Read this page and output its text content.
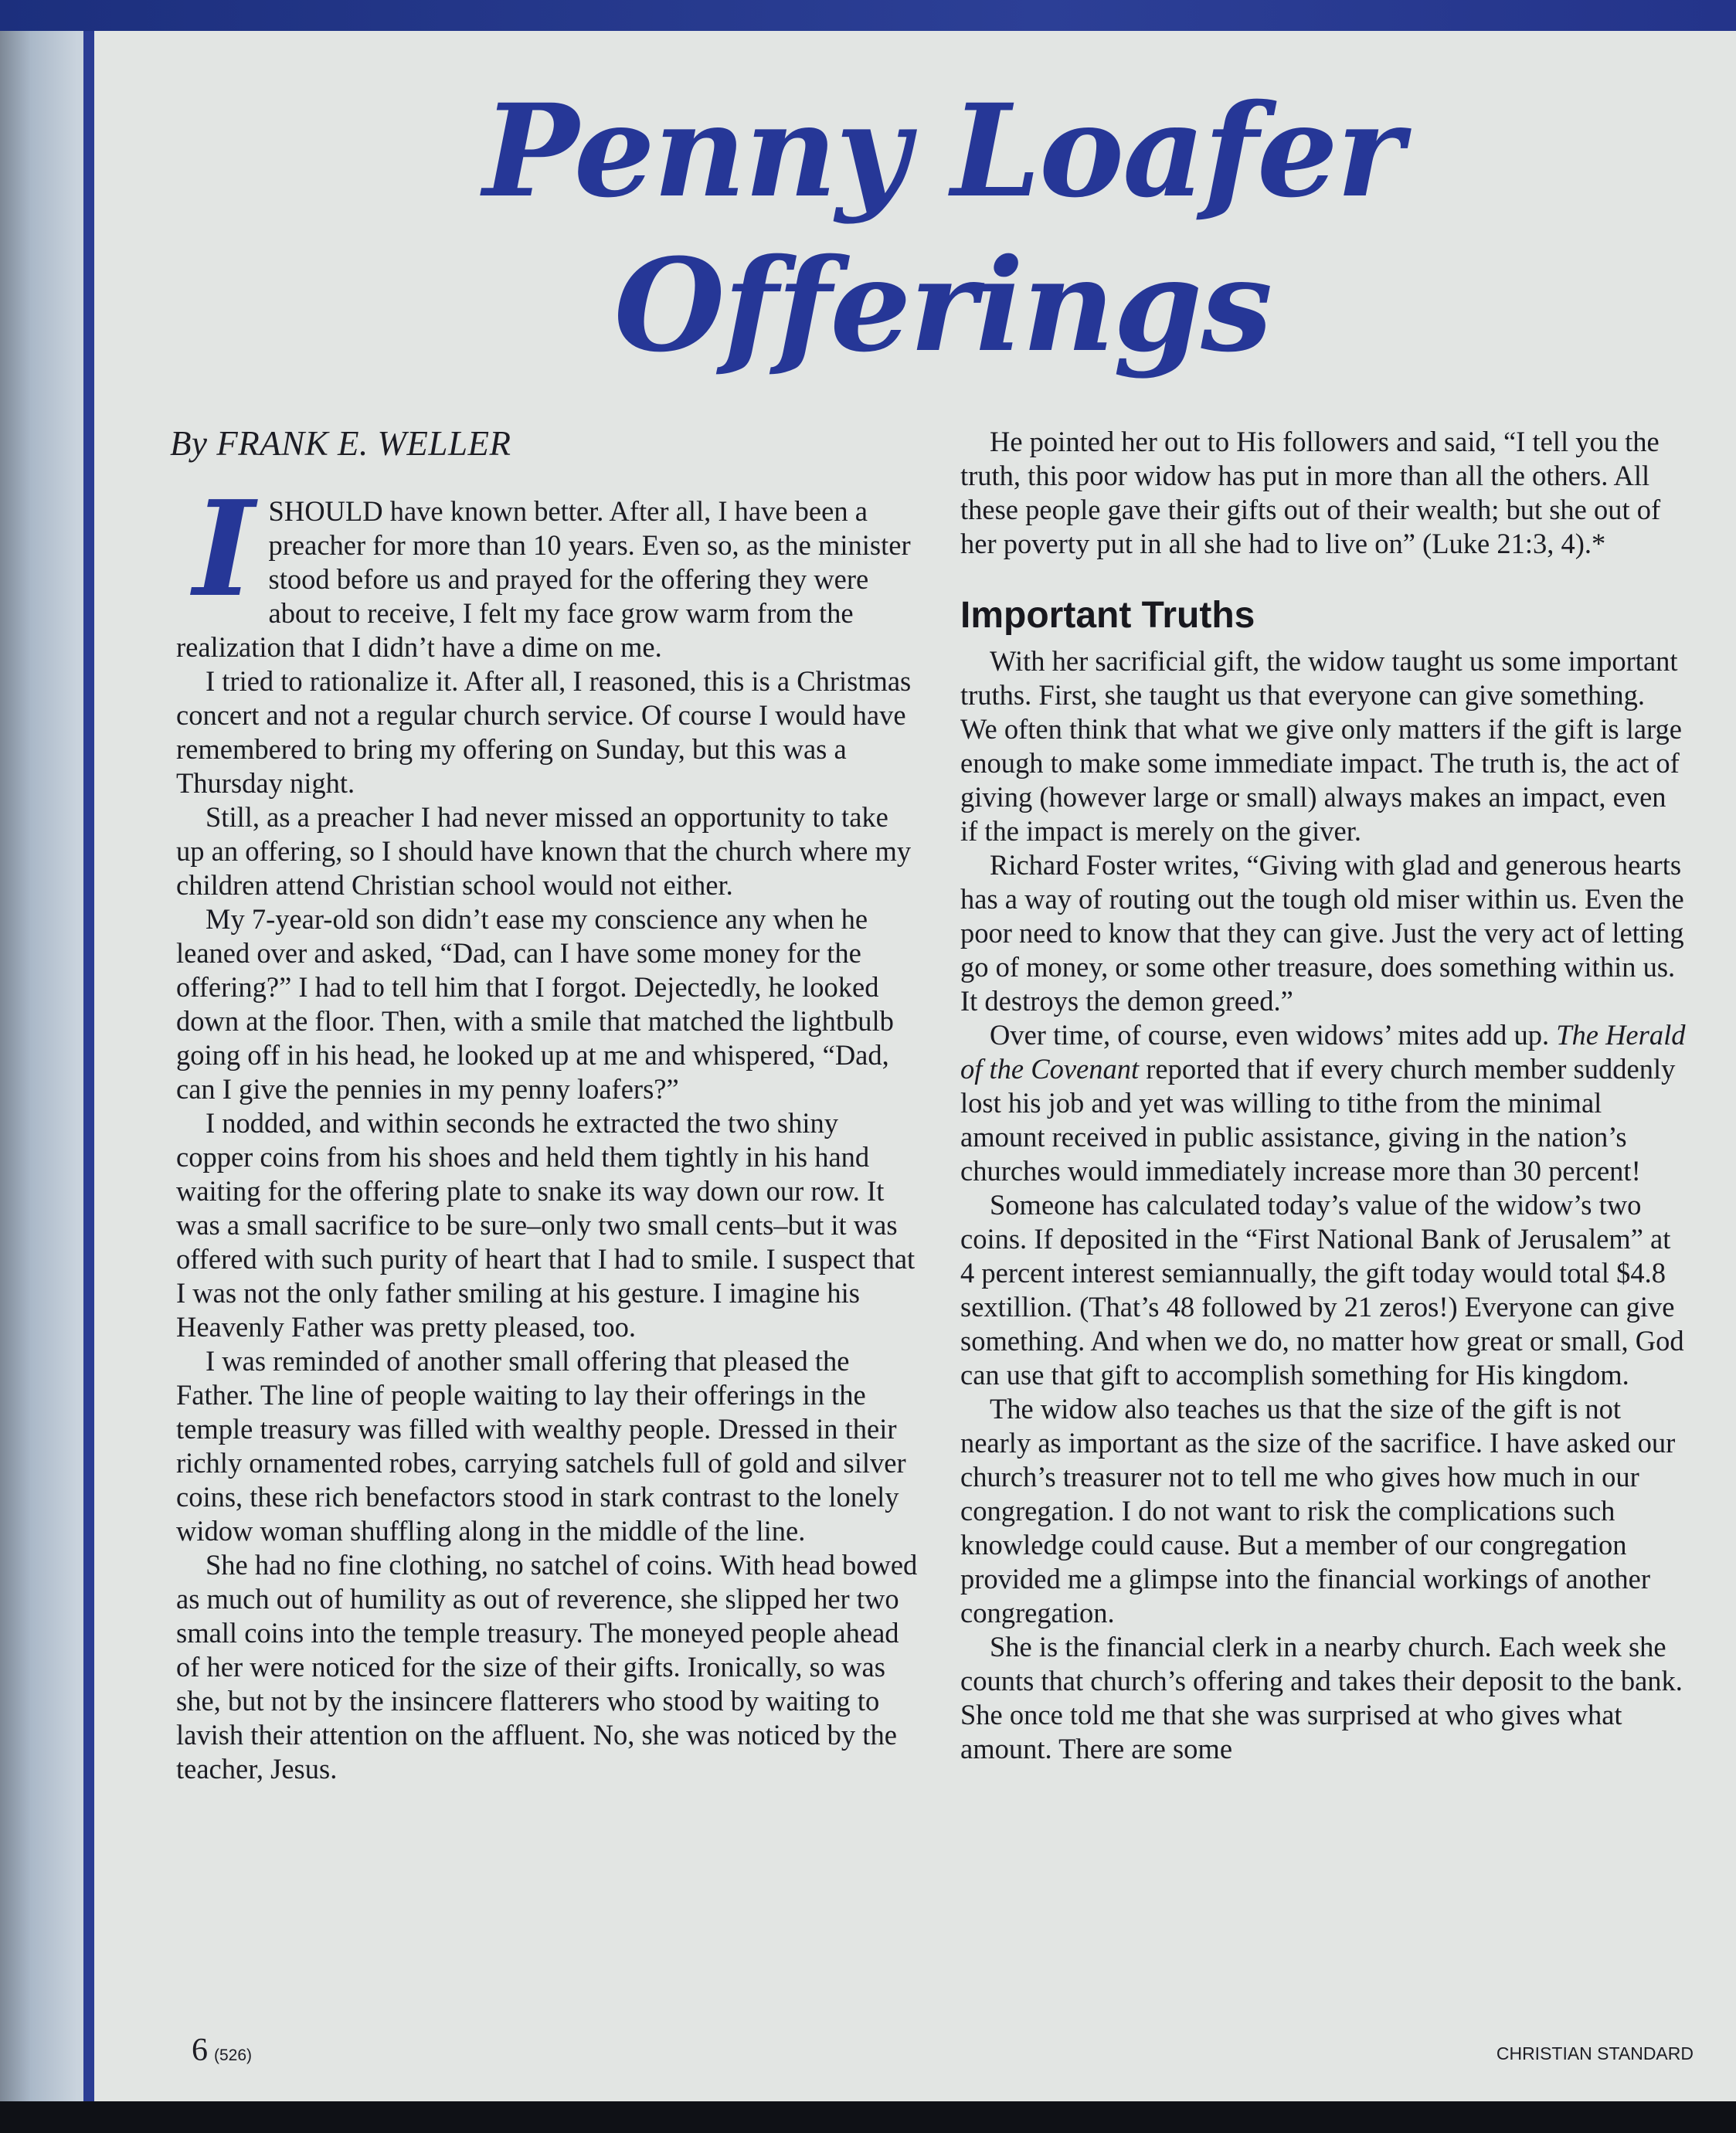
Penny Loafer
Offerings
By FRANK E. WELLER

ISHOULD have known better. After all, I have been a preacher for more than 10 years. Even so, as the minister stood before us and prayed for the offering they were about to receive, I felt my face grow warm from the realization that I didn’t have a dime on me.

I tried to rationalize it. After all, I reasoned, this is a Christmas concert and not a regular church service. Of course I would have remembered to bring my offering on Sunday, but this was a Thursday night.

Still, as a preacher I had never missed an opportunity to take up an offering, so I should have known that the church where my children attend Christian school would not either.

My 7-year-old son didn’t ease my conscience any when he leaned over and asked, “Dad, can I have some money for the offering?” I had to tell him that I forgot. Dejectedly, he looked down at the floor. Then, with a smile that matched the lightbulb going off in his head, he looked up at me and whispered, “Dad, can I give the pennies in my penny loafers?”

I nodded, and within seconds he extracted the two shiny copper coins from his shoes and held them tightly in his hand waiting for the offering plate to snake its way down our row. It was a small sacrifice to be sure–only two small cents–but it was offered with such purity of heart that I had to smile. I suspect that I was not the only father smiling at his gesture. I imagine his Heavenly Father was pretty pleased, too.

I was reminded of another small offering that pleased the Father. The line of people waiting to lay their offerings in the temple treasury was filled with wealthy people. Dressed in their richly ornamented robes, carrying satchels full of gold and silver coins, these rich benefactors stood in stark contrast to the lonely widow woman shuffling along in the middle of the line.

She had no fine clothing, no satchel of coins. With head bowed as much out of humility as out of reverence, she slipped her two small coins into the temple treasury. The moneyed people ahead of her were noticed for the size of their gifts. Ironically, so was she, but not by the insincere flatterers who stood by waiting to lavish their attention on the affluent. No, she was noticed by the teacher, Jesus.

He pointed her out to His followers and said, “I tell you the truth, this poor widow has put in more than all the others. All these people gave their gifts out of their wealth; but she out of her poverty put in all she had to live on” (Luke 21:3, 4).*

Important Truths

With her sacrificial gift, the widow taught us some important truths. First, she taught us that everyone can give something. We often think that what we give only matters if the gift is large enough to make some immediate impact. The truth is, the act of giving (however large or small) always makes an impact, even if the impact is merely on the giver.

Richard Foster writes, “Giving with glad and generous hearts has a way of routing out the tough old miser within us. Even the poor need to know that they can give. Just the very act of letting go of money, or some other treasure, does something within us. It destroys the demon greed.”

Over time, of course, even widows’ mites add up. The Herald of the Covenant reported that if every church member suddenly lost his job and yet was willing to tithe from the minimal amount received in public assistance, giving in the nation’s churches would immediately increase more than 30 percent!

Someone has calculated today’s value of the widow’s two coins. If deposited in the “First National Bank of Jerusalem” at 4 percent interest semiannually, the gift today would total $4.8 sextillion. (That’s 48 followed by 21 zeros!) Everyone can give something. And when we do, no matter how great or small, God can use that gift to accomplish something for His kingdom.

The widow also teaches us that the size of the gift is not nearly as important as the size of the sacrifice. I have asked our church’s treasurer not to tell me who gives how much in our congregation. I do not want to risk the complications such knowledge could cause. But a member of our congregation provided me a glimpse into the financial workings of another congregation.

She is the financial clerk in a nearby church. Each week she counts that church’s offering and takes their deposit to the bank. She once told me that she was surprised at who gives what amount. There are some

6 (526)	CHRISTIAN STANDARD
